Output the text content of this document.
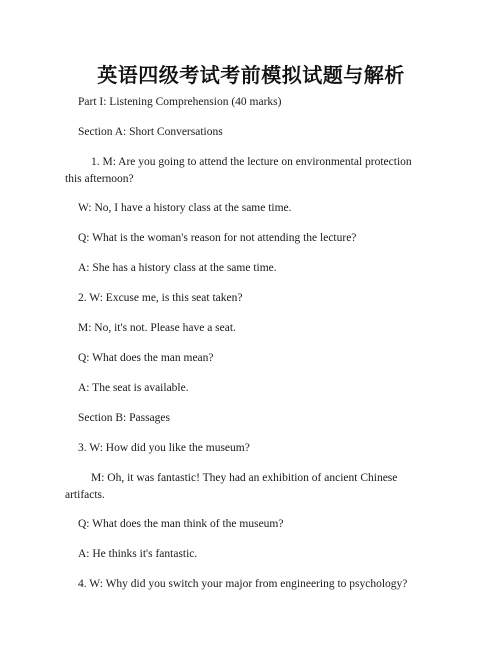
英语四级考试考前模拟试题与解析

Part I: Listening Comprehension (40 marks)

Section A: Short Conversations

1. M: Are you going to attend the lecture on environmental protection this afternoon?

W: No, I have a history class at the same time.

Q: What is the woman's reason for not attending the lecture?

A: She has a history class at the same time.

2. W: Excuse me, is this seat taken?

M: No, it's not. Please have a seat.

Q: What does the man mean?

A: The seat is available.

Section B: Passages

3. W: How did you like the museum?

M: Oh, it was fantastic! They had an exhibition of ancient Chinese artifacts.

Q: What does the man think of the museum?

A: He thinks it's fantastic.

4. W: Why did you switch your major from engineering to psychology?
